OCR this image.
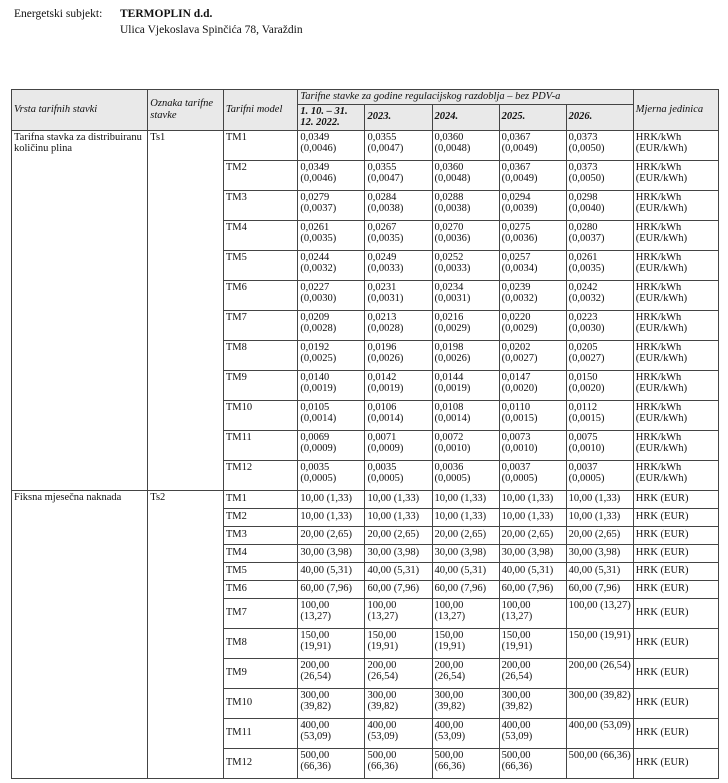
Energetski subjekt:	TERMOPLIN d.d.
Ulica Vjekoslava Spinčića 78, Varaždin
Vrsta tarifnih stavki	Oznaka tarifne stavke	Tarifni model	Tarifne stavke za godine regulacijskog razdoblja – bez PDV-a					Mjerna jedinica
			1. 10. – 31. 12. 2022.	2023.	2024.	2025.	2026.	
Tarifna stavka za distribuiranu količinu plina	Ts1	TM1	0,0349 (0,0046)	0,0355 (0,0047)	0,0360 (0,0048)	0,0367 (0,0049)	0,0373 (0,0050)	HRK/kWh (EUR/kWh)
		TM2	0,0349 (0,0046)	0,0355 (0,0047)	0,0360 (0,0048)	0,0367 (0,0049)	0,0373 (0,0050)	HRK/kWh (EUR/kWh)
		TM3	0,0279 (0,0037)	0,0284 (0,0038)	0,0288 (0,0038)	0,0294 (0,0039)	0,0298 (0,0040)	HRK/kWh (EUR/kWh)
		TM4	0,0261 (0,0035)	0,0267 (0,0035)	0,0270 (0,0036)	0,0275 (0,0036)	0,0280 (0,0037)	HRK/kWh (EUR/kWh)
		TM5	0,0244 (0,0032)	0,0249 (0,0033)	0,0252 (0,0033)	0,0257 (0,0034)	0,0261 (0,0035)	HRK/kWh (EUR/kWh)
		TM6	0,0227 (0,0030)	0,0231 (0,0031)	0,0234 (0,0031)	0,0239 (0,0032)	0,0242 (0,0032)	HRK/kWh (EUR/kWh)
		TM7	0,0209 (0,0028)	0,0213 (0,0028)	0,0216 (0,0029)	0,0220 (0,0029)	0,0223 (0,0030)	HRK/kWh (EUR/kWh)
		TM8	0,0192 (0,0025)	0,0196 (0,0026)	0,0198 (0,0026)	0,0202 (0,0027)	0,0205 (0,0027)	HRK/kWh (EUR/kWh)
		TM9	0,0140 (0,0019)	0,0142 (0,0019)	0,0144 (0,0019)	0,0147 (0,0020)	0,0150 (0,0020)	HRK/kWh (EUR/kWh)
		TM10	0,0105 (0,0014)	0,0106 (0,0014)	0,0108 (0,0014)	0,0110 (0,0015)	0,0112 (0,0015)	HRK/kWh (EUR/kWh)
		TM11	0,0069 (0,0009)	0,0071 (0,0009)	0,0072 (0,0010)	0,0073 (0,0010)	0,0075 (0,0010)	HRK/kWh (EUR/kWh)
		TM12	0,0035 (0,0005)	0,0035 (0,0005)	0,0036 (0,0005)	0,0037 (0,0005)	0,0037 (0,0005)	HRK/kWh (EUR/kWh)
Fiksna mjesečna naknada	Ts2	TM1	10,00 (1,33)	10,00 (1,33)	10,00 (1,33)	10,00 (1,33)	10,00 (1,33)	HRK (EUR)
		TM2	10,00 (1,33)	10,00 (1,33)	10,00 (1,33)	10,00 (1,33)	10,00 (1,33)	HRK (EUR)
		TM3	20,00 (2,65)	20,00 (2,65)	20,00 (2,65)	20,00 (2,65)	20,00 (2,65)	HRK (EUR)
		TM4	30,00 (3,98)	30,00 (3,98)	30,00 (3,98)	30,00 (3,98)	30,00 (3,98)	HRK (EUR)
		TM5	40,00 (5,31)	40,00 (5,31)	40,00 (5,31)	40,00 (5,31)	40,00 (5,31)	HRK (EUR)
		TM6	60,00 (7,96)	60,00 (7,96)	60,00 (7,96)	60,00 (7,96)	60,00 (7,96)	HRK (EUR)
		TM7	100,00 (13,27)	100,00 (13,27)	100,00 (13,27)	100,00 (13,27)	100,00 (13,27)	HRK (EUR)
		TM8	150,00 (19,91)	150,00 (19,91)	150,00 (19,91)	150,00 (19,91)	150,00 (19,91)	HRK (EUR)
		TM9	200,00 (26,54)	200,00 (26,54)	200,00 (26,54)	200,00 (26,54)	200,00 (26,54)	HRK (EUR)
		TM10	300,00 (39,82)	300,00 (39,82)	300,00 (39,82)	300,00 (39,82)	300,00 (39,82)	HRK (EUR)
		TM11	400,00 (53,09)	400,00 (53,09)	400,00 (53,09)	400,00 (53,09)	400,00 (53,09)	HRK (EUR)
		TM12	500,00 (66,36)	500,00 (66,36)	500,00 (66,36)	500,00 (66,36)	500,00 (66,36)	HRK (EUR)
